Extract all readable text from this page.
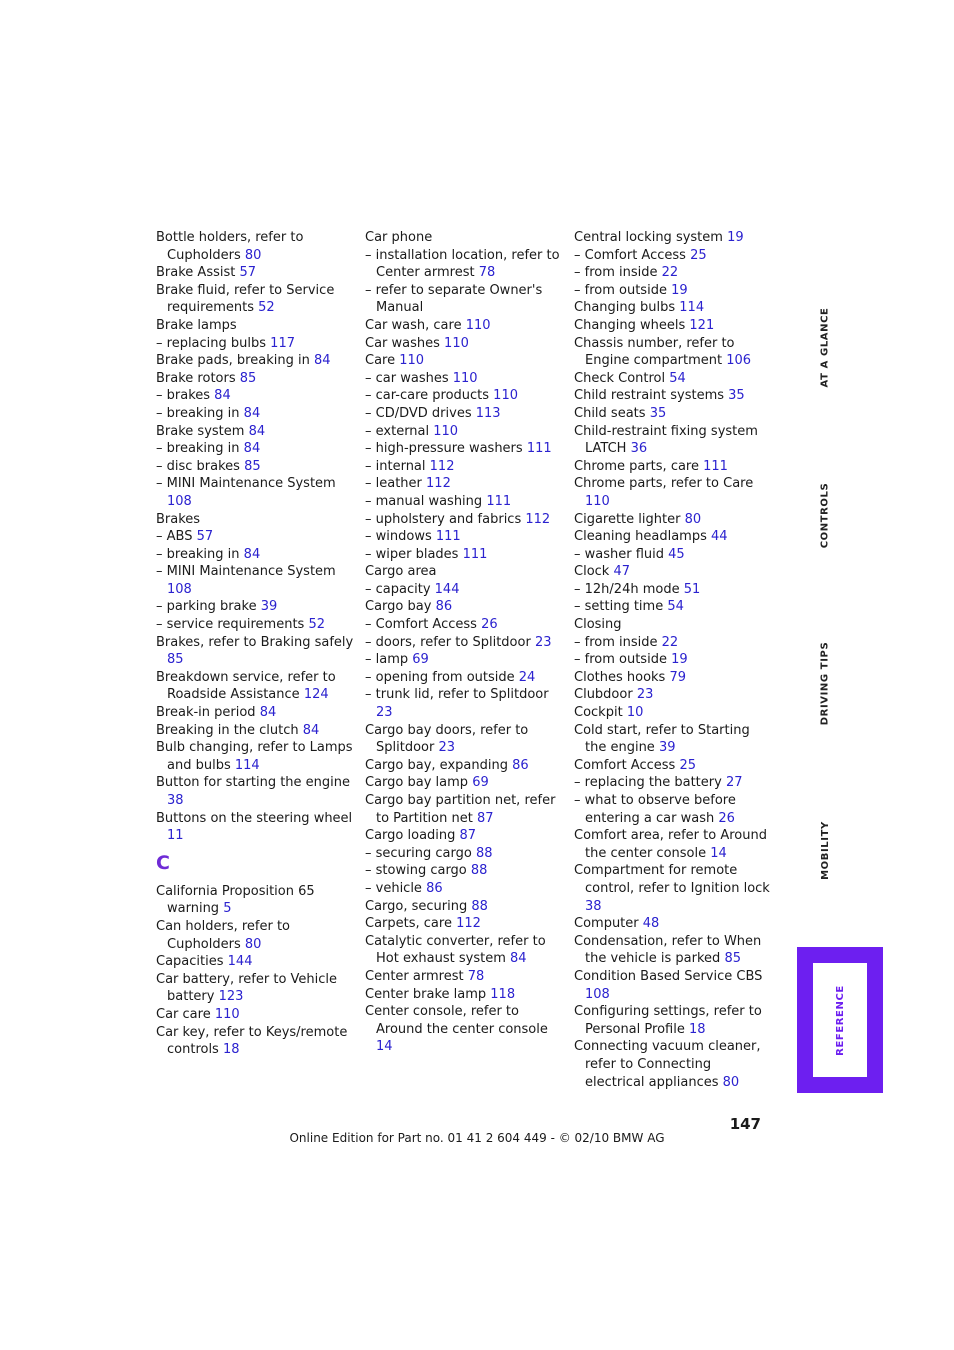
Bottle holders, refer to Cupholders 80
Brake Assist 57
Brake fluid, refer to Service requirements 52
Brake lamps
– replacing bulbs 117
Brake pads, breaking in 84
Brake rotors 85
– brakes 84
– breaking in 84
Brake system 84
– breaking in 84
– disc brakes 85
– MINI Maintenance System 108
Brakes
– ABS 57
– breaking in 84
– MINI Maintenance System 108
– parking brake 39
– service requirements 52
Brakes, refer to Braking safely 85
Breakdown service, refer to Roadside Assistance 124
Break-in period 84
Breaking in the clutch 84
Bulb changing, refer to Lamps and bulbs 114
Button for starting the engine 38
Buttons on the steering wheel 11
C
California Proposition 65 warning 5
Can holders, refer to Cupholders 80
Capacities 144
Car battery, refer to Vehicle battery 123
Car care 110
Car key, refer to Keys/remote controls 18
Car phone
– installation location, refer to Center armrest 78
– refer to separate Owner's Manual
Car wash, care 110
Car washes 110
Care 110
– car washes 110
– car-care products 110
– CD/DVD drives 113
– external 110
– high-pressure washers 111
– internal 112
– leather 112
– manual washing 111
– upholstery and fabrics 112
– windows 111
– wiper blades 111
Cargo area
– capacity 144
Cargo bay 86
– Comfort Access 26
– doors, refer to Splitdoor 23
– lamp 69
– opening from outside 24
– trunk lid, refer to Splitdoor 23
Cargo bay doors, refer to Splitdoor 23
Cargo bay, expanding 86
Cargo bay lamp 69
Cargo bay partition net, refer to Partition net 87
Cargo loading 87
– securing cargo 88
– stowing cargo 88
– vehicle 86
Cargo, securing 88
Carpets, care 112
Catalytic converter, refer to Hot exhaust system 84
Center armrest 78
Center brake lamp 118
Center console, refer to Around the center console 14
Central locking system 19
– Comfort Access 25
– from inside 22
– from outside 19
Changing bulbs 114
Changing wheels 121
Chassis number, refer to Engine compartment 106
Check Control 54
Child restraint systems 35
Child seats 35
Child-restraint fixing system LATCH 36
Chrome parts, care 111
Chrome parts, refer to Care 110
Cigarette lighter 80
Cleaning headlamps 44
– washer fluid 45
Clock 47
– 12h/24h mode 51
– setting time 54
Closing
– from inside 22
– from outside 19
Clothes hooks 79
Clubdoor 23
Cockpit 10
Cold start, refer to Starting the engine 39
Comfort Access 25
– replacing the battery 27
– what to observe before entering a car wash 26
Comfort area, refer to Around the center console 14
Compartment for remote control, refer to Ignition lock 38
Computer 48
Condensation, refer to When the vehicle is parked 85
Condition Based Service CBS 108
Configuring settings, refer to Personal Profile 18
Connecting vacuum cleaner, refer to Connecting electrical appliances 80
AT A GLANCE
CONTROLS
DRIVING TIPS
MOBILITY
REFERENCE
147
Online Edition for Part no. 01 41 2 604 449 - © 02/10 BMW AG
